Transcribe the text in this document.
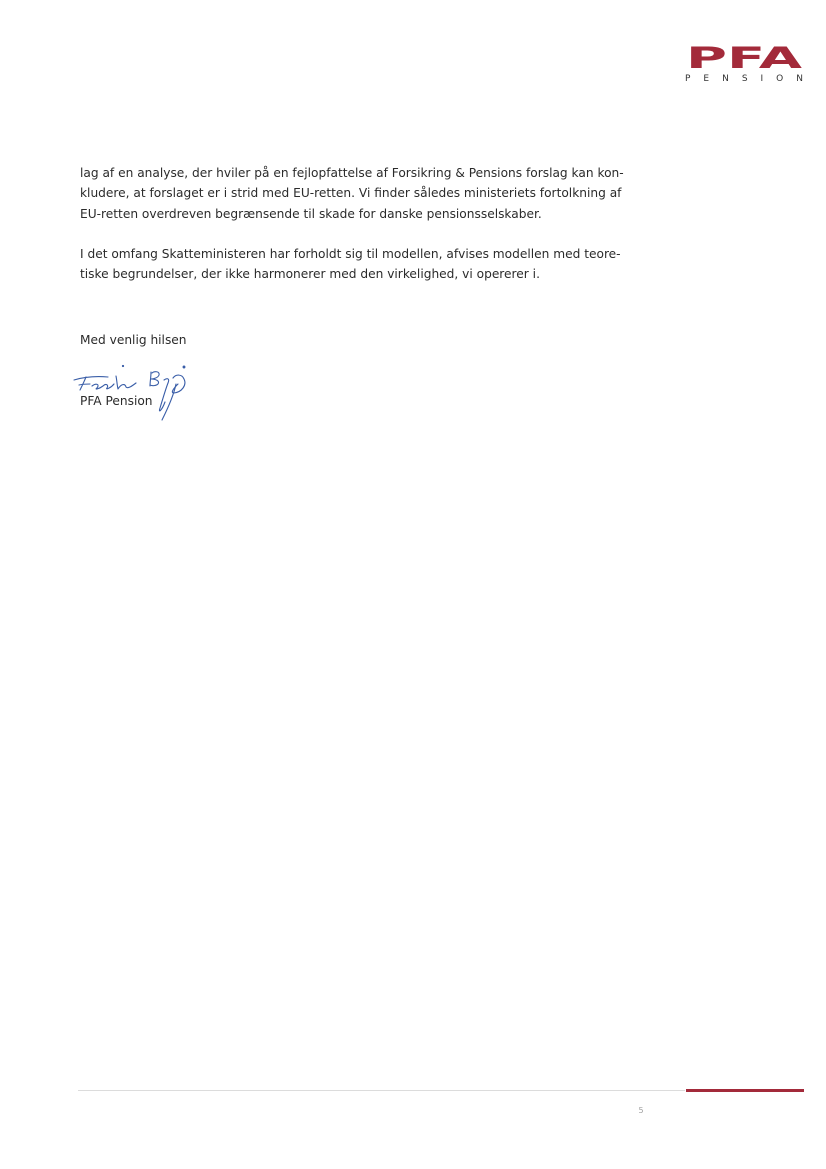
PFA
PENSION

lag af en analyse, der hviler på en fejlopfattelse af Forsikring & Pensions forslag kan kon-
kludere, at forslaget er i strid med EU-retten. Vi finder således ministeriets fortolkning af
EU-retten overdreven begrænsende til skade for danske pensionsselskaber.

I det omfang Skatteministeren har forholdt sig til modellen, afvises modellen med teore-
tiske begrundelser, der ikke harmonerer med den virkelighed, vi opererer i.

Med venlig hilsen
PFA Pension
5
